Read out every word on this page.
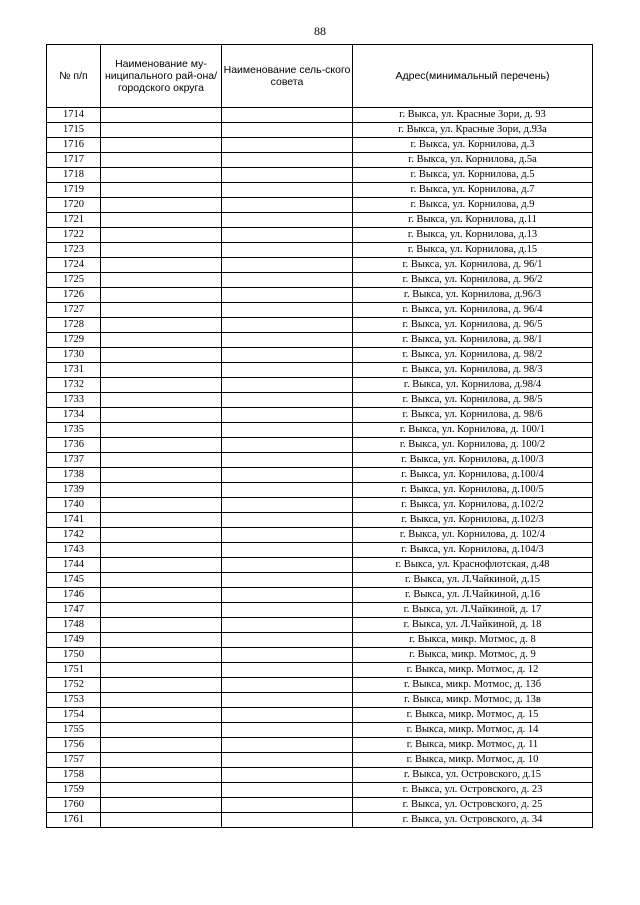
88
№ п/п	Наименование му-ниципального рай-она/ городского округа	Наименование сель-ского совета	Адрес(минимальный перечень)
1714			г. Выкса, ул. Красные Зори, д. 93
1715			г. Выкса, ул. Красные Зори, д.93а
1716			г. Выкса, ул. Корнилова, д.3
1717			г. Выкса, ул. Корнилова, д.5а
1718			г. Выкса, ул. Корнилова, д.5
1719			г. Выкса, ул. Корнилова, д.7
1720			г. Выкса, ул. Корнилова, д.9
1721			г. Выкса, ул. Корнилова, д.11
1722			г. Выкса, ул. Корнилова, д.13
1723			г. Выкса, ул. Корнилова, д.15
1724			г. Выкса, ул. Корнилова, д. 96/1
1725			г. Выкса, ул. Корнилова, д. 96/2
1726			г. Выкса, ул. Корнилова, д.96/3
1727			г. Выкса, ул. Корнилова, д. 96/4
1728			г. Выкса, ул. Корнилова, д. 96/5
1729			г. Выкса, ул. Корнилова, д. 98/1
1730			г. Выкса, ул. Корнилова, д. 98/2
1731			г. Выкса, ул. Корнилова, д. 98/3
1732			г. Выкса, ул. Корнилова, д.98/4
1733			г. Выкса, ул. Корнилова, д. 98/5
1734			г. Выкса, ул. Корнилова, д. 98/6
1735			г. Выкса, ул. Корнилова, д. 100/1
1736			г. Выкса, ул. Корнилова, д. 100/2
1737			г. Выкса, ул. Корнилова, д.100/3
1738			г. Выкса, ул. Корнилова, д.100/4
1739			г. Выкса, ул. Корнилова, д.100/5
1740			г. Выкса, ул. Корнилова, д.102/2
1741			г. Выкса, ул. Корнилова, д.102/3
1742			г. Выкса, ул. Корнилова, д. 102/4
1743			г. Выкса, ул. Корнилова, д.104/3
1744			г. Выкса, ул. Краснофлотская, д.48
1745			г. Выкса, ул. Л.Чайкиной, д.15
1746			г. Выкса, ул. Л.Чайкиной, д.16
1747			г. Выкса, ул. Л.Чайкиной, д. 17
1748			г. Выкса, ул. Л.Чайкиной, д. 18
1749			г. Выкса, микр. Мотмос, д. 8
1750			г. Выкса, микр. Мотмос, д. 9
1751			г. Выкса, микр. Мотмос, д. 12
1752			г. Выкса, микр. Мотмос, д. 13б
1753			г. Выкса, микр. Мотмос, д. 13в
1754			г. Выкса, микр. Мотмос, д. 15
1755			г. Выкса, микр. Мотмос, д. 14
1756			г. Выкса, микр. Мотмос, д. 11
1757			г. Выкса, микр. Мотмос, д. 10
1758			г. Выкса, ул. Островского, д.15
1759			г. Выкса, ул. Островского, д. 23
1760			г. Выкса, ул. Островского, д. 25
1761			г. Выкса, ул. Островского, д. 34
